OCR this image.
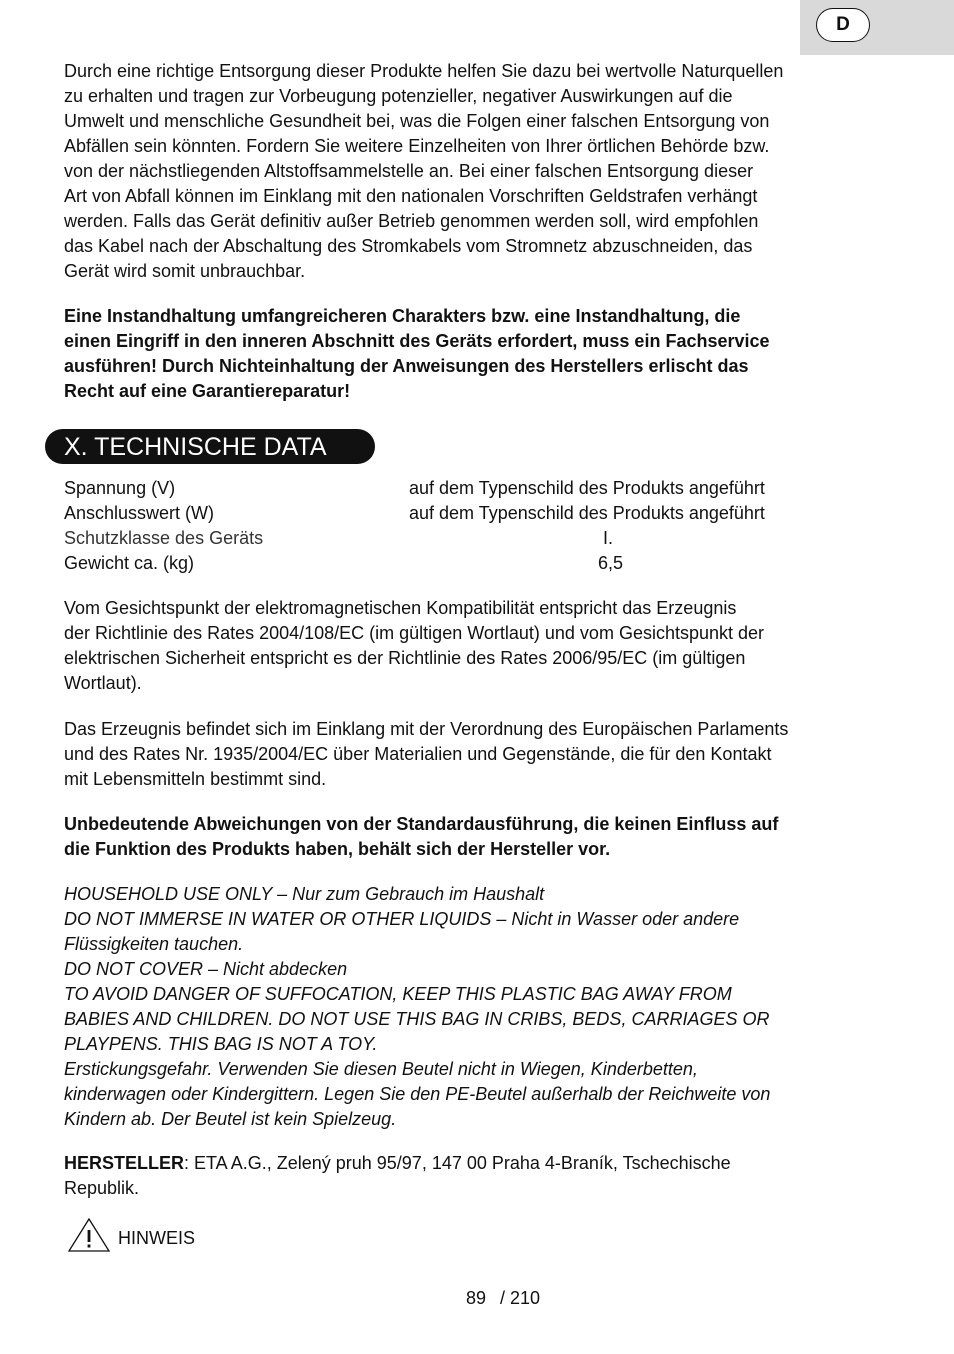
D
Durch eine richtige Entsorgung dieser Produkte helfen Sie dazu bei wertvolle Naturquellen
zu erhalten und tragen zur Vorbeugung potenzieller, negativer Auswirkungen auf die
Umwelt und menschliche Gesundheit bei, was die Folgen einer falschen Entsorgung von
Abfällen sein könnten. Fordern Sie weitere Einzelheiten von Ihrer örtlichen Behörde bzw.
von der nächstliegenden Altstoffsammelstelle an. Bei einer falschen Entsorgung dieser
Art von Abfall können im Einklang mit den nationalen Vorschriften Geldstrafen verhängt
werden. Falls das Gerät definitiv außer Betrieb genommen werden soll, wird empfohlen
das Kabel nach der Abschaltung des Stromkabels vom Stromnetz abzuschneiden, das
Gerät wird somit unbrauchbar.
Eine Instandhaltung umfangreicheren Charakters bzw. eine Instandhaltung, die
einen Eingriff in den inneren Abschnitt des Geräts erfordert, muss ein Fachservice
ausführen! Durch Nichteinhaltung der Anweisungen des Herstellers erlischt das
Recht auf eine Garantiereparatur!
X. TECHNISCHE DATA
Spannung (V)	auf dem Typenschild des Produkts angeführt
Anschlusswert (W)	auf dem Typenschild des Produkts angeführt
Schutzklasse des Geräts	I.
Gewicht ca. (kg)	6,5
Vom Gesichtspunkt der elektromagnetischen Kompatibilität entspricht das Erzeugnis
der Richtlinie des Rates 2004/108/EC (im gültigen Wortlaut) und vom Gesichtspunkt der
elektrischen Sicherheit entspricht es der Richtlinie des Rates 2006/95/EC (im gültigen
Wortlaut).
Das Erzeugnis befindet sich im Einklang mit der Verordnung des Europäischen Parlaments
und des Rates Nr. 1935/2004/EC über Materialien und Gegenstände, die für den Kontakt
mit Lebensmitteln bestimmt sind.
Unbedeutende Abweichungen von der Standardausführung, die keinen Einfluss auf
die Funktion des Produkts haben, behält sich der Hersteller vor.
HOUSEHOLD USE ONLY – Nur zum Gebrauch im Haushalt
DO NOT IMMERSE IN WATER OR OTHER LIQUIDS – Nicht in Wasser oder andere
Flüssigkeiten tauchen.
DO NOT COVER – Nicht abdecken
TO AVOID DANGER OF SUFFOCATION, KEEP THIS PLASTIC BAG AWAY FROM
BABIES AND CHILDREN. DO NOT USE THIS BAG IN CRIBS, BEDS, CARRIAGES OR
PLAYPENS. THIS BAG IS NOT A TOY.
Erstickungsgefahr. Verwenden Sie diesen Beutel nicht in Wiegen, Kinderbetten,
kinderwagen oder Kindergittern. Legen Sie den PE-Beutel außerhalb der Reichweite von
Kindern ab. Der Beutel ist kein Spielzeug.
HERSTELLER: ETA A.G., Zelený pruh 95/97, 147 00 Praha 4-Braník, Tschechische
Republik.
HINWEIS
89 / 210
